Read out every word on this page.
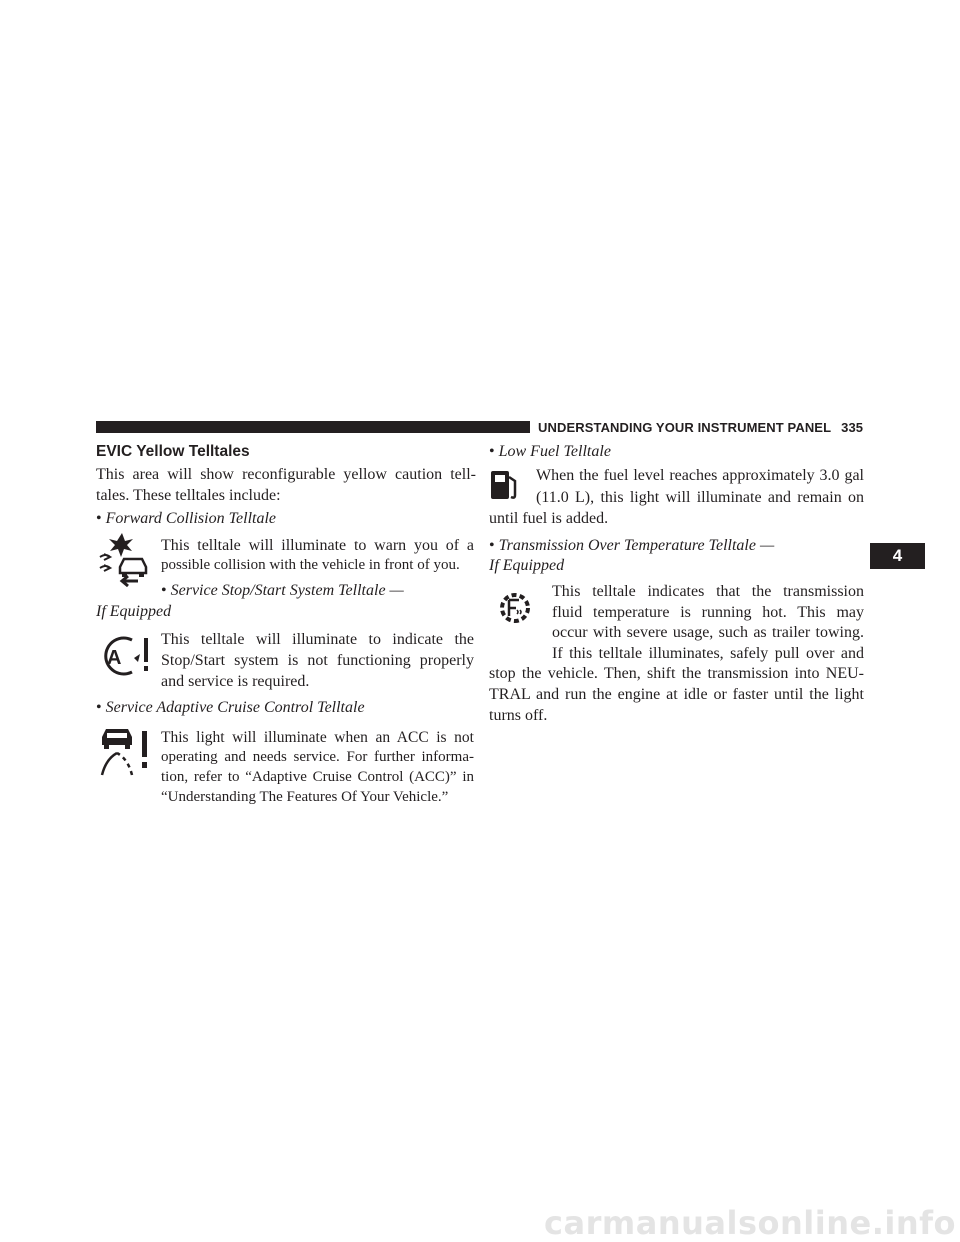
UNDERSTANDING YOUR INSTRUMENT PANEL 335
4
EVIC Yellow Telltales
This area will show reconfigurable yellow caution tell-
tales. These telltales include:
• Forward Collision Telltale
This telltale will illuminate to warn you of a
possible collision with the vehicle in front of you.
• Service Stop/Start System Telltale —
If Equipped
A
This telltale will illuminate to indicate the
Stop/Start system is not functioning properly
and service is required.
• Service Adaptive Cruise Control Telltale
This light will illuminate when an ACC is not
operating and needs service. For further informa-
tion, refer to “Adaptive Cruise Control (ACC)” in
“Understanding The Features Of Your Vehicle.”
• Low Fuel Telltale
When the fuel level reaches approximately 3.0 gal
(11.0 L), this light will illuminate and remain on
until fuel is added.
• Transmission Over Temperature Telltale —
If Equipped
This telltale indicates that the transmission
fluid temperature is running hot. This may
occur with severe usage, such as trailer towing.
If this telltale illuminates, safely pull over and
stop the vehicle. Then, shift the transmission into NEU-
TRAL and run the engine at idle or faster until the light
turns off.
carmanualsonline.info
